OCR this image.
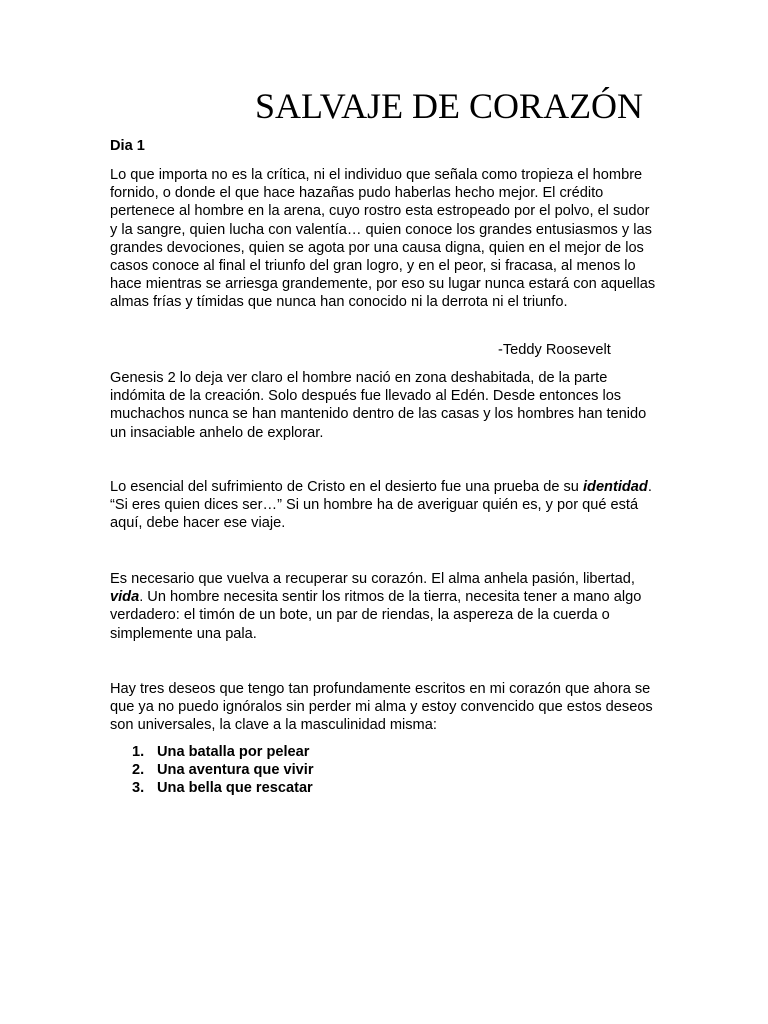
SALVAJE DE CORAZÓN
Dia 1

Lo que importa no es la crítica, ni el individuo que señala como tropieza el hombre fornido, o donde el que hace hazañas pudo haberlas hecho mejor. El crédito pertenece al hombre en la arena, cuyo rostro esta estropeado por el polvo, el sudor y la sangre, quien lucha con valentía… quien conoce los grandes entusiasmos y las grandes devociones, quien se agota por una causa digna, quien en el mejor de los casos conoce al final el triunfo del gran logro, y en el peor, si fracasa, al menos lo hace mientras se arriesga grandemente, por eso su lugar nunca estará con aquellas almas frías y tímidas que nunca han conocido ni la derrota ni el triunfo.

-Teddy Roosevelt

Genesis 2 lo deja ver claro el hombre nació en zona deshabitada, de la parte indómita de la creación. Solo después fue llevado al Edén. Desde entonces los muchachos nunca se han mantenido dentro de las casas y los hombres han tenido un insaciable anhelo de explorar.

Lo esencial del sufrimiento de Cristo en el desierto fue una prueba de su identidad. “Si eres quien dices ser…” Si un hombre ha de averiguar quién es, y por qué está aquí, debe hacer ese viaje.

Es necesario que vuelva a recuperar su corazón. El alma anhela pasión, libertad, vida. Un hombre necesita sentir los ritmos de la tierra, necesita tener a mano algo verdadero: el timón de un bote, un par de riendas, la aspereza de la cuerda o simplemente una pala.

Hay tres deseos que tengo tan profundamente escritos en mi corazón que ahora se que ya no puedo ignóralos sin perder mi alma y estoy convencido que estos deseos son universales, la clave a la masculinidad misma:

1. Una batalla por pelear
2. Una aventura que vivir
3. Una bella que rescatar
